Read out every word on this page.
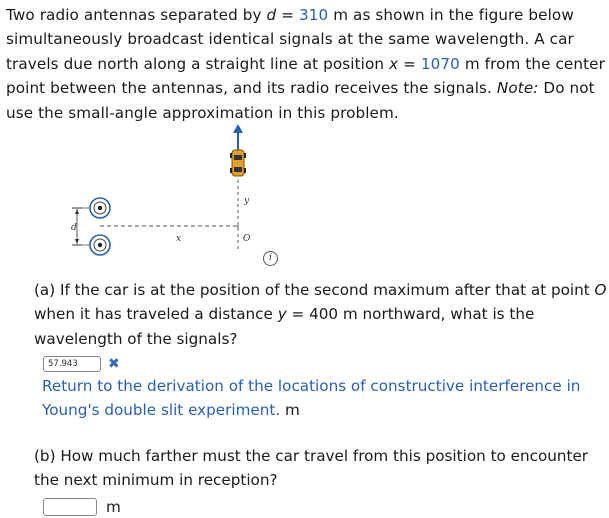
Two radio antennas separated by d = 310 m as shown in the figure below simultaneously broadcast identical signals at the same wavelength. A car travels due north along a straight line at position x = 1070 m from the center point between the antennas, and its radio receives the signals. Note: Do not use the small-angle approximation in this problem.
d
x
y
O
i
(a) If the car is at the position of the second maximum after that at point O when it has traveled a distance y = 400 m northward, what is the wavelength of the signals?
57.943	✖
Return to the derivation of the locations of constructive interference in Young's double slit experiment. m
(b) How much farther must the car travel from this position to encounter the next minimum in reception?
m
